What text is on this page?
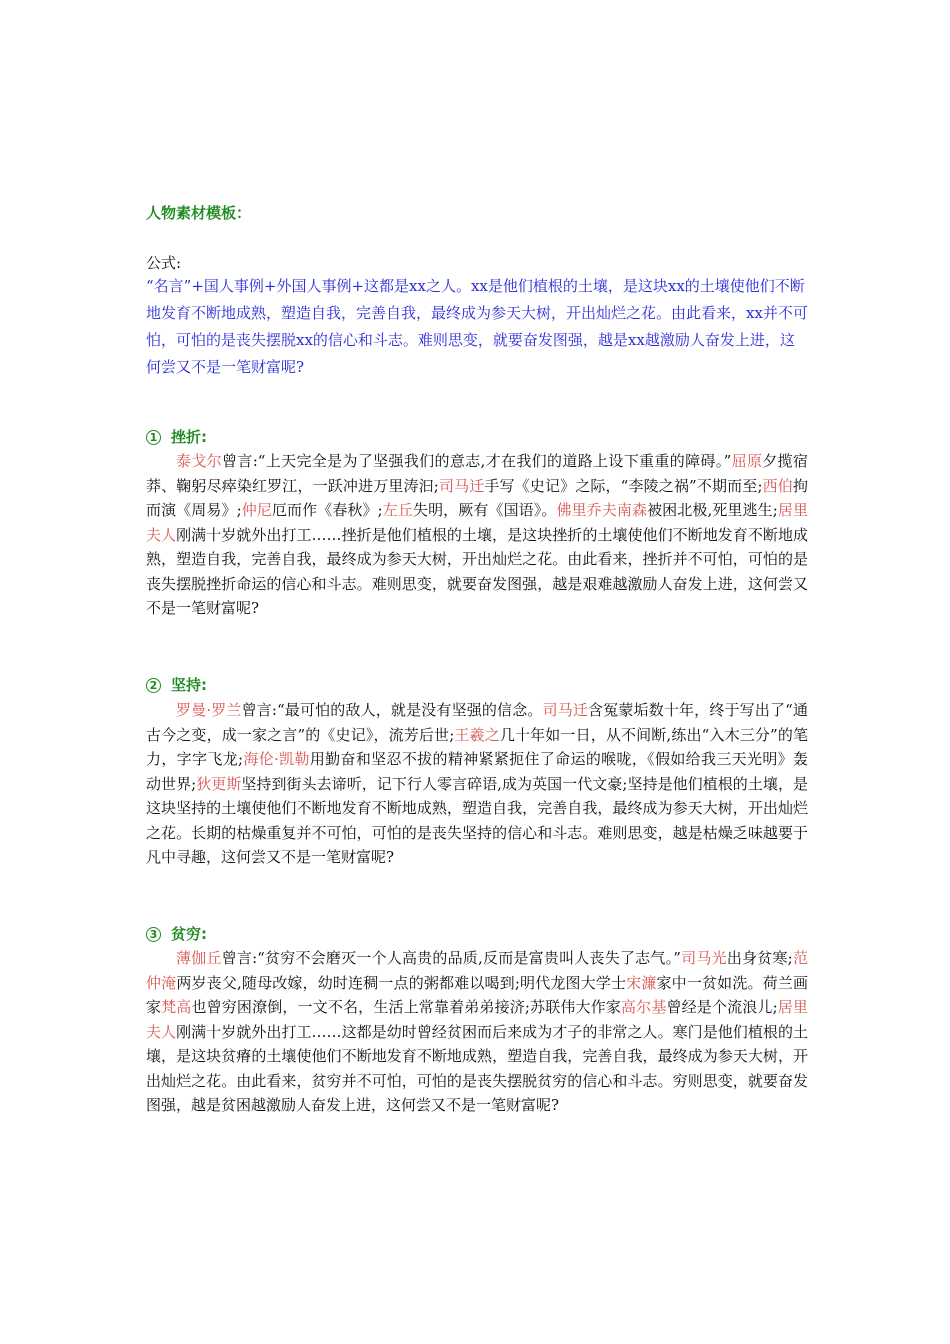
人物素材模板：
公式:
“名言”+国人事例+外国人事例+这都是xx之人。xx是他们植根的土壤，是这块xx的土壤使他们不断地发育不断地成熟，塑造自我，完善自我，最终成为参天大树，开出灿烂之花。由此看来，xx并不可怕，可怕的是丧失摆脱xx的信心和斗志。难则思变，就要奋发图强，越是xx越激励人奋发上进，这何尝又不是一笔财富呢?
1 挫折:
泰戈尔曾言:“上天完全是为了坚强我们的意志,才在我们的道路上设下重重的障碍。”屈原夕揽宿莽、鞠躬尽瘁染红罗江，一跃冲进万里涛汩;司马迁手写《史记》之际，“李陵之祸”不期而至;西伯拘而演《周易》;仲尼厄而作《春秋》;左丘失明，厥有《国语》。佛里乔夫南森被困北极,死里逃生;居里夫人刚满十岁就外出打工……挫折是他们植根的土壤，是这块挫折的土壤使他们不断地发育不断地成熟，塑造自我，完善自我，最终成为参天大树，开出灿烂之花。由此看来，挫折并不可怕，可怕的是丧失摆脱挫折命运的信心和斗志。难则思变，就要奋发图强，越是艰难越激励人奋发上进，这何尝又不是一笔财富呢?
2 坚持:
罗曼·罗兰曾言:“最可怕的敌人，就是没有坚强的信念。司马迁含冤蒙垢数十年，终于写出了“通古今之变，成一家之言”的《史记》，流芳后世;王羲之几十年如一日，从不间断,练出“入木三分”的笔力，字字飞龙;海伦·凯勒用勤奋和坚忍不拔的精神紧紧扼住了命运的喉咙，《假如给我三天光明》轰动世界;狄更斯坚持到街头去谛听，记下行人零言碎语,成为英国一代文豪;坚持是他们植根的土壤，是这块坚持的土壤使他们不断地发育不断地成熟，塑造自我，完善自我，最终成为参天大树，开出灿烂之花。长期的枯燥重复并不可怕，可怕的是丧失坚持的信心和斗志。难则思变，越是枯燥乏味越要于凡中寻趣，这何尝又不是一笔财富呢?
3 贫穷:
薄伽丘曾言:“贫穷不会磨灭一个人高贵的品质,反而是富贵叫人丧失了志气。”司马光出身贫寒;范仲淹两岁丧父,随母改嫁，幼时连稠一点的粥都难以喝到;明代龙图大学士宋濂家中一贫如洗。荷兰画家梵高也曾穷困潦倒，一文不名，生活上常靠着弟弟接济;苏联伟大作家高尔基曾经是个流浪儿;居里夫人刚满十岁就外出打工……这都是幼时曾经贫困而后来成为才子的非常之人。寒门是他们植根的土壤，是这块贫瘠的土壤使他们不断地发育不断地成熟，塑造自我，完善自我，最终成为参天大树，开出灿烂之花。由此看来，贫穷并不可怕，可怕的是丧失摆脱贫穷的信心和斗志。穷则思变，就要奋发图强，越是贫困越激励人奋发上进，这何尝又不是一笔财富呢?
